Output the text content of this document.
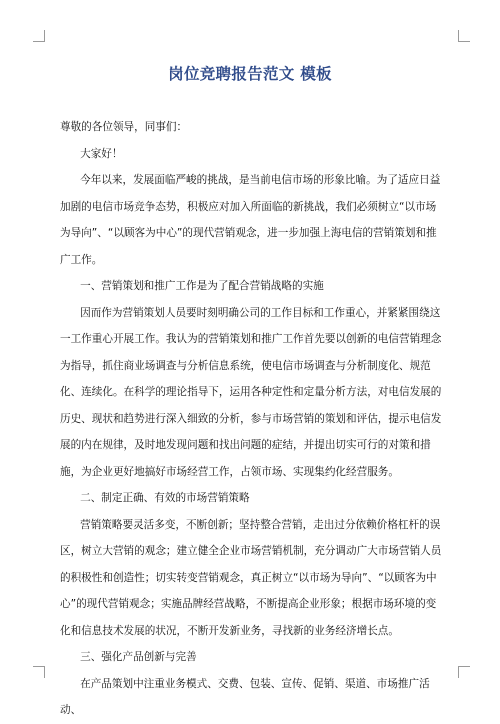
岗位竞聘报告范文 模板

尊敬的各位领导，同事们：

大家好！

今年以来，发展面临严峻的挑战，是当前电信市场的形象比喻。为了适应日益加剧的电信市场竞争态势，积极应对加入所面临的新挑战，我们必须树立“以市场为导向”、“以顾客为中心”的现代营销观念，进一步加强上海电信的营销策划和推广工作。

一、营销策划和推广工作是为了配合营销战略的实施

因而作为营销策划人员要时刻明确公司的工作目标和工作重心，并紧紧围绕这一工作重心开展工作。我认为的营销策划和推广工作首先要以创新的电信营销理念为指导，抓住商业场调查与分析信息系统，使电信市场调查与分析制度化、规范化、连续化。在科学的理论指导下，运用各种定性和定量分析方法，对电信发展的历史、现状和趋势进行深入细致的分析，参与市场营销的策划和评估，提示电信发展的内在规律，及时地发现问题和找出问题的症结，并提出切实可行的对策和措施，为企业更好地搞好市场经营工作，占领市场、实现集约化经营服务。

二、制定正确、有效的市场营销策略

营销策略要灵活多变，不断创新；坚持整合营销，走出过分依赖价格杠杆的误区，树立大营销的观念；建立健全企业市场营销机制，充分调动广大市场营销人员的积极性和创造性；切实转变营销观念，真正树立“以市场为导向”、“以顾客为中心”的现代营销观念；实施品牌经营战略，不断提高企业形象；根据市场环境的变化和信息技术发展的状况，不断开发新业务，寻找新的业务经济增长点。

三、强化产品创新与完善

在产品策划中注重业务模式、交费、包装、宣传、促销、渠道、市场推广活动、
